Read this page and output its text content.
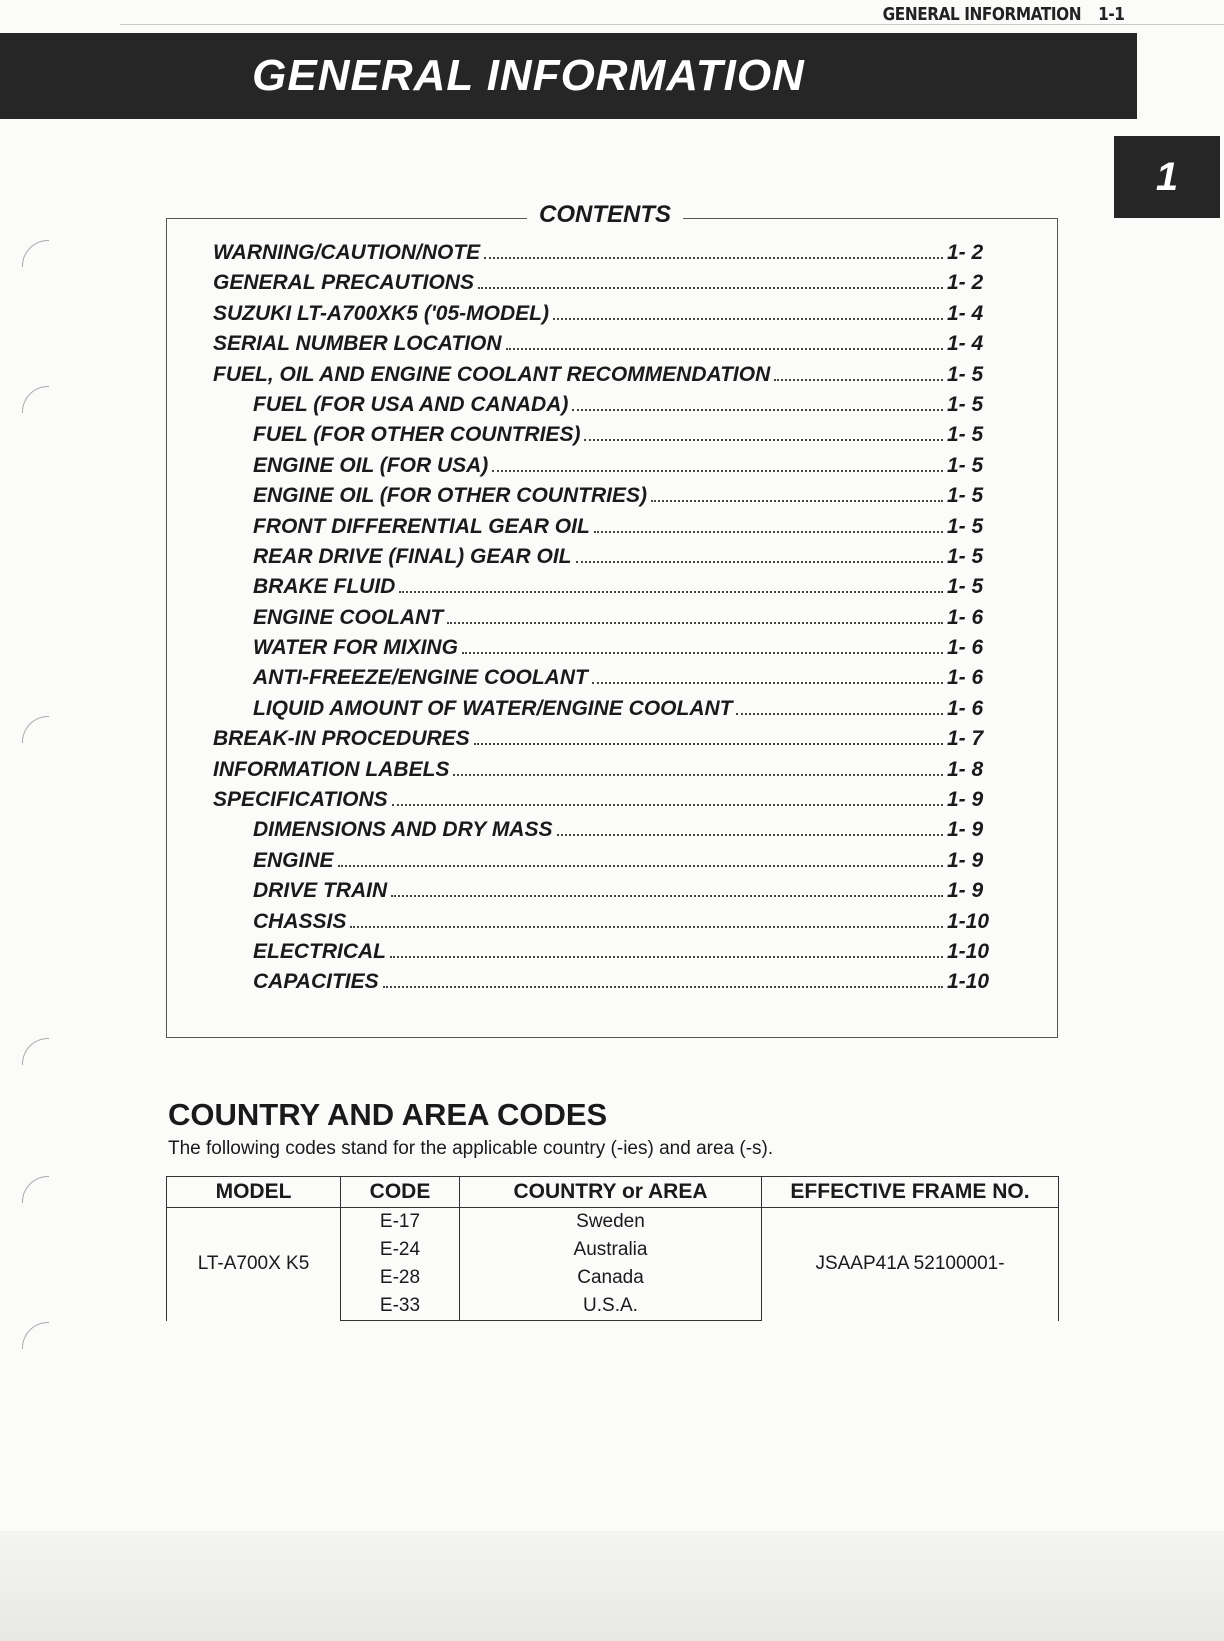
GENERAL INFORMATION 1-1
GENERAL INFORMATION
1
CONTENTS
WARNING/CAUTION/NOTE	1- 2
GENERAL PRECAUTIONS	1- 2
SUZUKI LT-A700XK5 ('05-MODEL)	1- 4
SERIAL NUMBER LOCATION	1- 4
FUEL, OIL AND ENGINE COOLANT RECOMMENDATION	1- 5
FUEL (FOR USA AND CANADA)	1- 5
FUEL (FOR OTHER COUNTRIES)	1- 5
ENGINE OIL (FOR USA)	1- 5
ENGINE OIL (FOR OTHER COUNTRIES)	1- 5
FRONT DIFFERENTIAL GEAR OIL	1- 5
REAR DRIVE (FINAL) GEAR OIL	1- 5
BRAKE FLUID	1- 5
ENGINE COOLANT	1- 6
WATER FOR MIXING	1- 6
ANTI-FREEZE/ENGINE COOLANT	1- 6
LIQUID AMOUNT OF WATER/ENGINE COOLANT	1- 6
BREAK-IN PROCEDURES	1- 7
INFORMATION LABELS	1- 8
SPECIFICATIONS	1- 9
DIMENSIONS AND DRY MASS	1- 9
ENGINE	1- 9
DRIVE TRAIN	1- 9
CHASSIS	1-10
ELECTRICAL	1-10
CAPACITIES	1-10
COUNTRY AND AREA CODES
The following codes stand for the applicable country (-ies) and area (-s).
MODEL	CODE	COUNTRY or AREA	EFFECTIVE FRAME NO.
LT-A700X K5	E-17	Sweden	JSAAP41A 52100001-
	E-24	Australia	
	E-28	Canada	
	E-33	U.S.A.	
